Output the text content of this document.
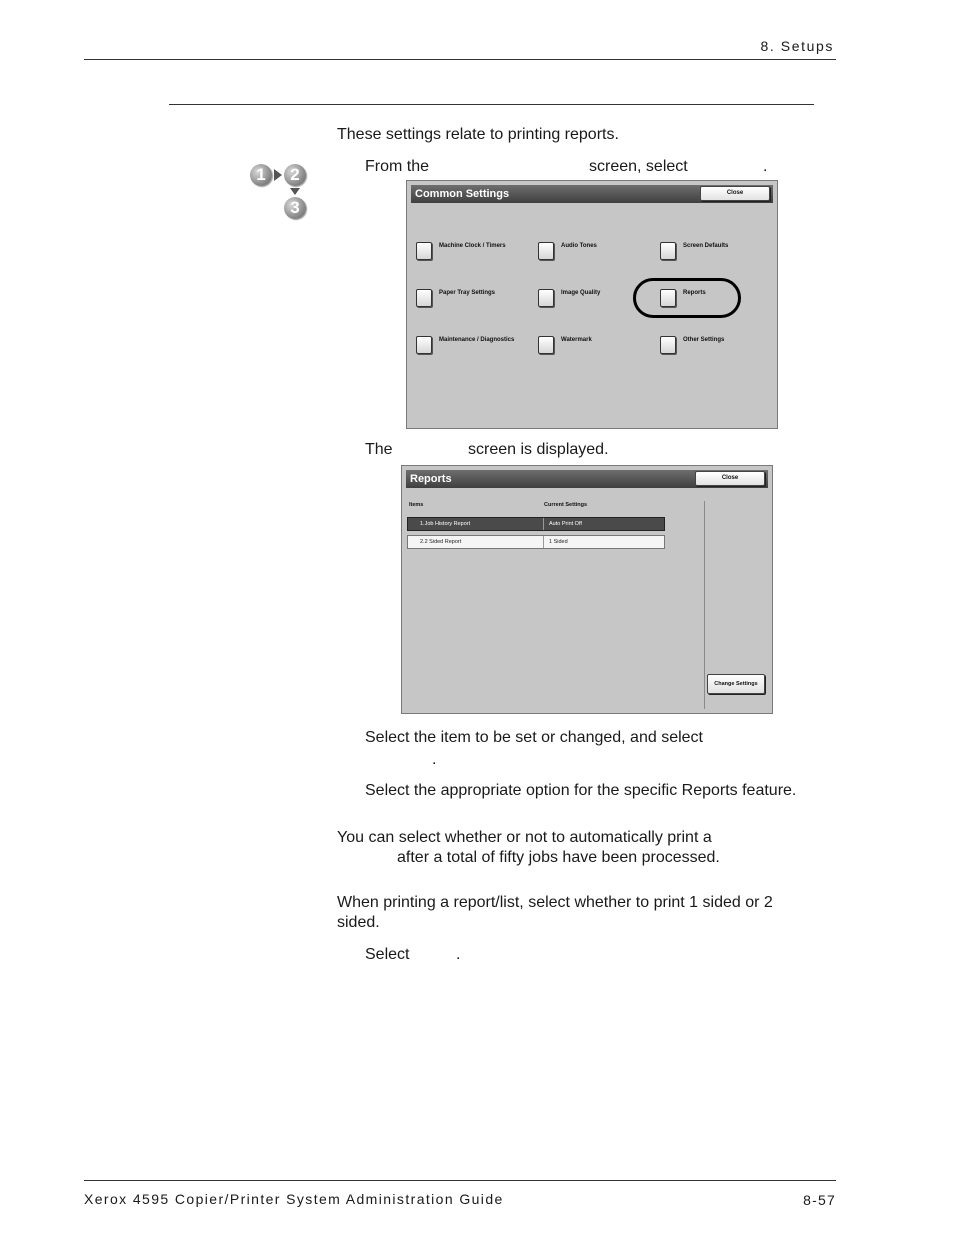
8. Setups
These settings relate to printing reports.
1	2
3
From the	screen, select	.
Common Settings	Close
Machine Clock / Timers	Audio Tones	Screen Defaults
Paper Tray Settings	Image Quality	Reports
Maintenance / Diagnostics	Watermark	Other Settings
The	screen is displayed.
Reports	Close
Items	Current Settings
1.Job History Report	Auto Print Off
2.2 Sided Report	1 Sided
Change Settings
Select the item to be set or changed, and select
.
Select the appropriate option for the specific Reports feature.
You can select whether or not to automatically print a
after a total of fifty jobs have been processed.
When printing a report/list, select whether to print 1 sided or 2
sided.
Select	.
Xerox 4595 Copier/Printer System Administration Guide	8-57
